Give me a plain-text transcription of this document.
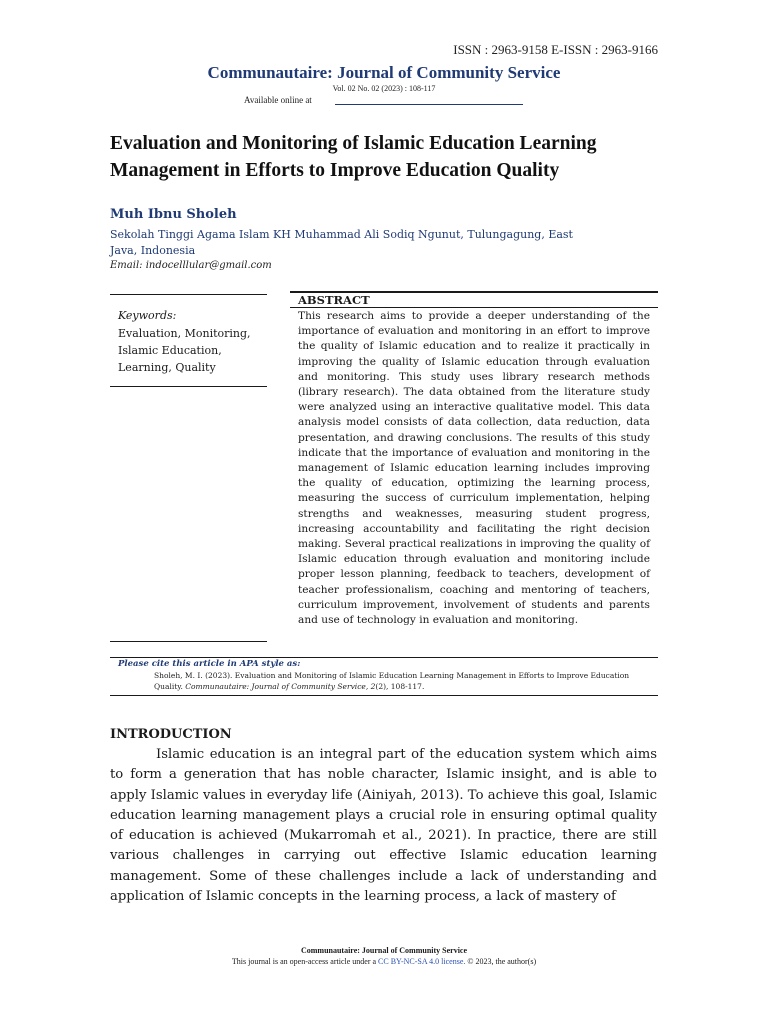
ISSN : 2963-9158 E-ISSN : 2963-9166
Communautaire: Journal of Community Service
Vol. 02 No. 02 (2023) : 108-117
Available online at
Evaluation and Monitoring of Islamic Education Learning Management in Efforts to Improve Education Quality
Muh Ibnu Sholeh
Sekolah Tinggi Agama Islam KH Muhammad Ali Sodiq Ngunut, Tulungagung, East Java, Indonesia
Email: indocelllular@gmail.com
Keywords:
Evaluation, Monitoring, Islamic Education, Learning, Quality
ABSTRACT
This research aims to provide a deeper understanding of the importance of evaluation and monitoring in an effort to improve the quality of Islamic education and to realize it practically in improving the quality of Islamic education through evaluation and monitoring. This study uses library research methods (library research). The data obtained from the literature study were analyzed using an interactive qualitative model. This data analysis model consists of data collection, data reduction, data presentation, and drawing conclusions. The results of this study indicate that the importance of evaluation and monitoring in the management of Islamic education learning includes improving the quality of education, optimizing the learning process, measuring the success of curriculum implementation, helping strengths and weaknesses, measuring student progress, increasing accountability and facilitating the right decision making. Several practical realizations in improving the quality of Islamic education through evaluation and monitoring include proper lesson planning, feedback to teachers, development of teacher professionalism, coaching and mentoring of teachers, curriculum improvement, involvement of students and parents and use of technology in evaluation and monitoring.
Please cite this article in APA style as:
Sholeh, M. I. (2023). Evaluation and Monitoring of Islamic Education Learning Management in Efforts to Improve Education Quality. Communautaire: Journal of Community Service, 2(2), 108-117.
INTRODUCTION
Islamic education is an integral part of the education system which aims to form a generation that has noble character, Islamic insight, and is able to apply Islamic values in everyday life (Ainiyah, 2013). To achieve this goal, Islamic education learning management plays a crucial role in ensuring optimal quality of education is achieved (Mukarromah et al., 2021). In practice, there are still various challenges in carrying out effective Islamic education learning management. Some of these challenges include a lack of understanding and application of Islamic concepts in the learning process, a lack of mastery of
Communautaire: Journal of Community Service
This journal is an open-access article under a CC BY-NC-SA 4.0 license. © 2023, the author(s)
